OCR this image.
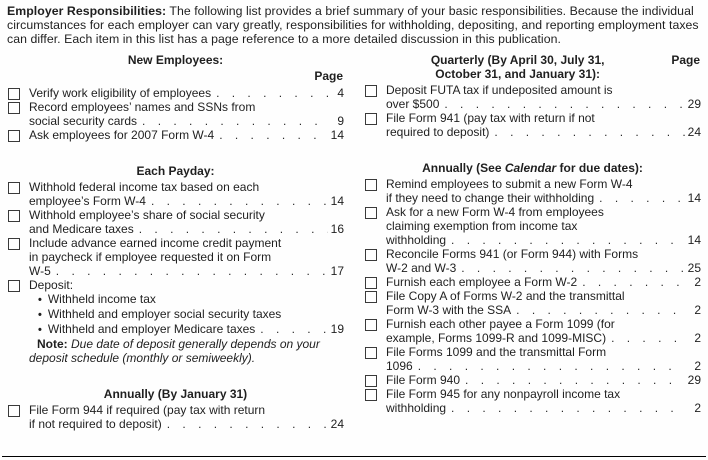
Employer Responsibilities: The following list provides a brief summary of your basic responsibilities. Because the individual circumstances for each employer can vary greatly, responsibilities for withholding, depositing, and reporting employment taxes can differ. Each item in this list has a page reference to a more detailed discussion in this publication.
New Employees:
Page
Verify work eligibility of employees . . .	4
Record employees’ names and SSNs from
social security cards . . .	9
Ask employees for 2007 Form W-4 . . .	14
Each Payday:
Withhold federal income tax based on each
employee’s Form W-4 . . .	14
Withhold employee’s share of social security
and Medicare taxes . . .	16
Include advance earned income credit payment
in paycheck if employee requested it on Form
W-5 . . .	17
Deposit:
•
Withheld income tax
•
Withheld and employer social security taxes
•
Withheld and employer Medicare taxes . . .	19
Note: Due date of deposit generally depends on your deposit schedule (monthly or semiweekly).
Annually (By January 31)
File Form 944 if required (pay tax with return
if not required to deposit) . . .	24
Quarterly (By April 30, July 31,
October 31, and January 31):
Page
Deposit FUTA tax if undeposited amount is
over $500 . . .	29
File Form 941 (pay tax with return if not
required to deposit) . . .	24
Annually (See Calendar for due dates):
Remind employees to submit a new Form W-4
if they need to change their withholding . . .	14
Ask for a new Form W-4 from employees
claiming exemption from income tax
withholding . . .	14
Reconcile Forms 941 (or Form 944) with Forms
W-2 and W-3 . . .	25
Furnish each employee a Form W-2 . . .	2
File Copy A of Forms W-2 and the transmittal
Form W-3 with the SSA . . .	2
Furnish each other payee a Form 1099 (for
example, Forms 1099-R and 1099-MISC) . . .	2
File Forms 1099 and the transmittal Form
1096 . . .	2
File Form 940 . . .	29
File Form 945 for any nonpayroll income tax
withholding . . .	2
